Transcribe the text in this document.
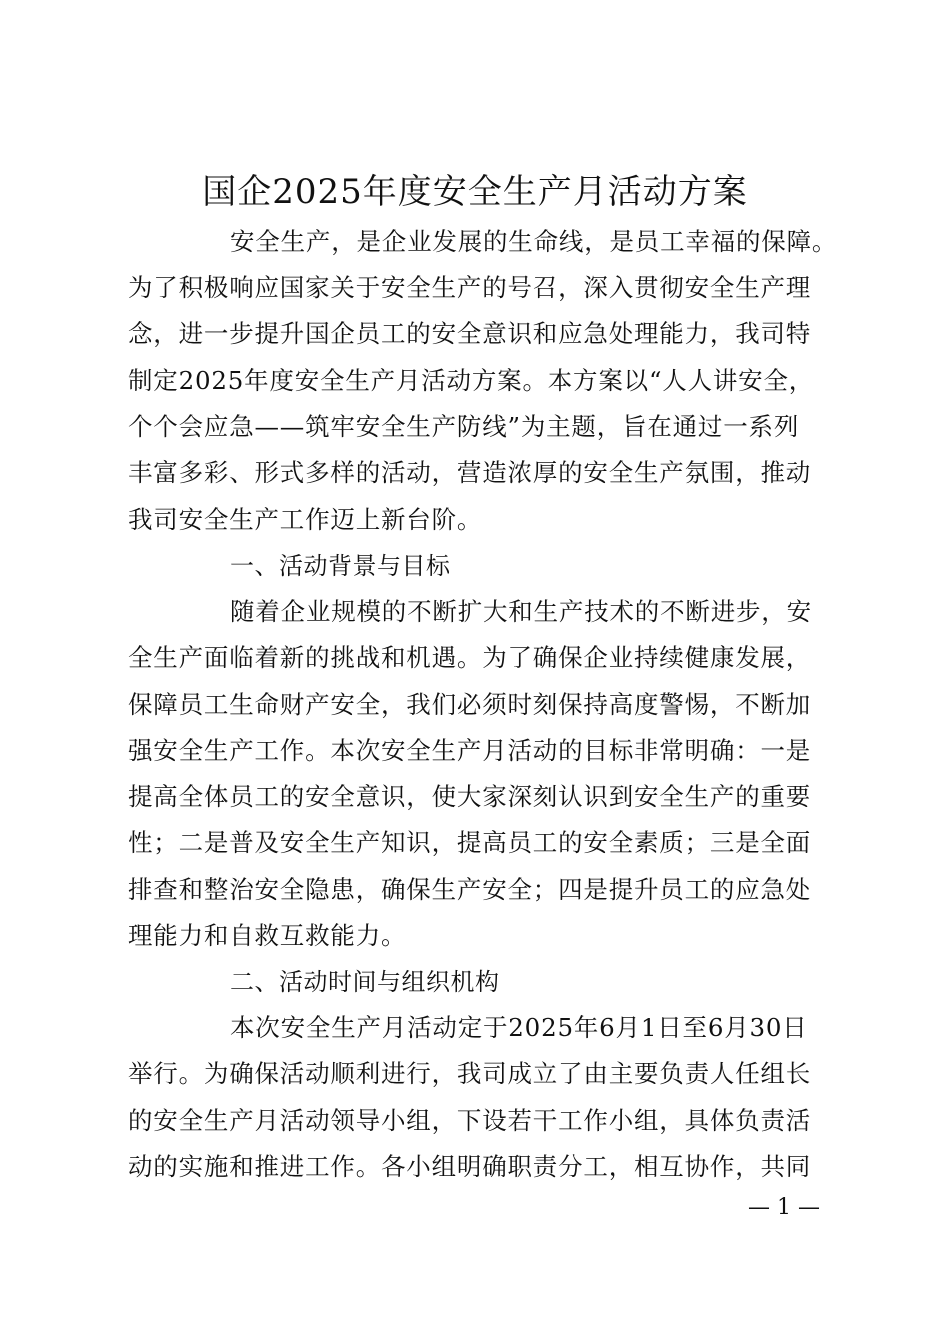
国企2025年度安全生产月活动方案
安全生产，是企业发展的生命线，是员工幸福的保障。
为了积极响应国家关于安全生产的号召，深入贯彻安全生产理
念，进一步提升国企员工的安全意识和应急处理能力，我司特
制定2025年度安全生产月活动方案。本方案以“人人讲安全，
个个会应急——筑牢安全生产防线”为主题，旨在通过一系列
丰富多彩、形式多样的活动，营造浓厚的安全生产氛围，推动
我司安全生产工作迈上新台阶。
一、活动背景与目标
随着企业规模的不断扩大和生产技术的不断进步，安
全生产面临着新的挑战和机遇。为了确保企业持续健康发展，
保障员工生命财产安全，我们必须时刻保持高度警惕，不断加
强安全生产工作。本次安全生产月活动的目标非常明确：一是
提高全体员工的安全意识，使大家深刻认识到安全生产的重要
性；二是普及安全生产知识，提高员工的安全素质；三是全面
排查和整治安全隐患，确保生产安全；四是提升员工的应急处
理能力和自救互救能力。
二、活动时间与组织机构
本次安全生产月活动定于2025年6月1日至6月30日
举行。为确保活动顺利进行，我司成立了由主要负责人任组长
的安全生产月活动领导小组，下设若干工作小组，具体负责活
动的实施和推进工作。各小组明确职责分工，相互协作，共同
— 1 —
